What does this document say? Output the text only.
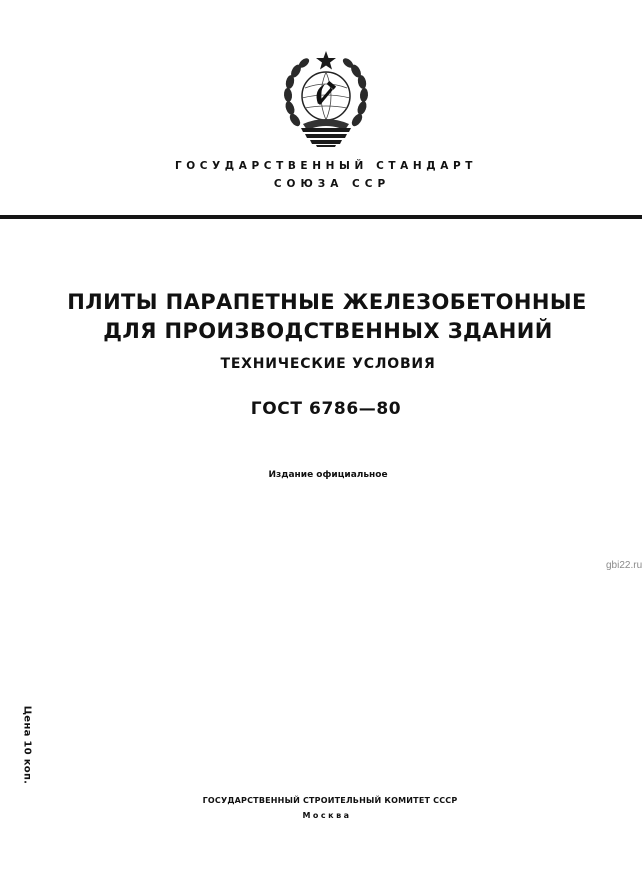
ГОСУДАРСТВЕННЫЙ СТАНДАРТ
СОЮЗА ССР
ПЛИТЫ ПАРАПЕТНЫЕ ЖЕЛЕЗОБЕТОННЫЕ
ДЛЯ ПРОИЗВОДСТВЕННЫХ ЗДАНИЙ
ТЕХНИЧЕСКИЕ УСЛОВИЯ
ГОСТ 6786—80
Издание официальное
gbi22.ru
Цена 10 коп.
ГОСУДАРСТВЕННЫЙ СТРОИТЕЛЬНЫЙ КОМИТЕТ СССР
Москва
